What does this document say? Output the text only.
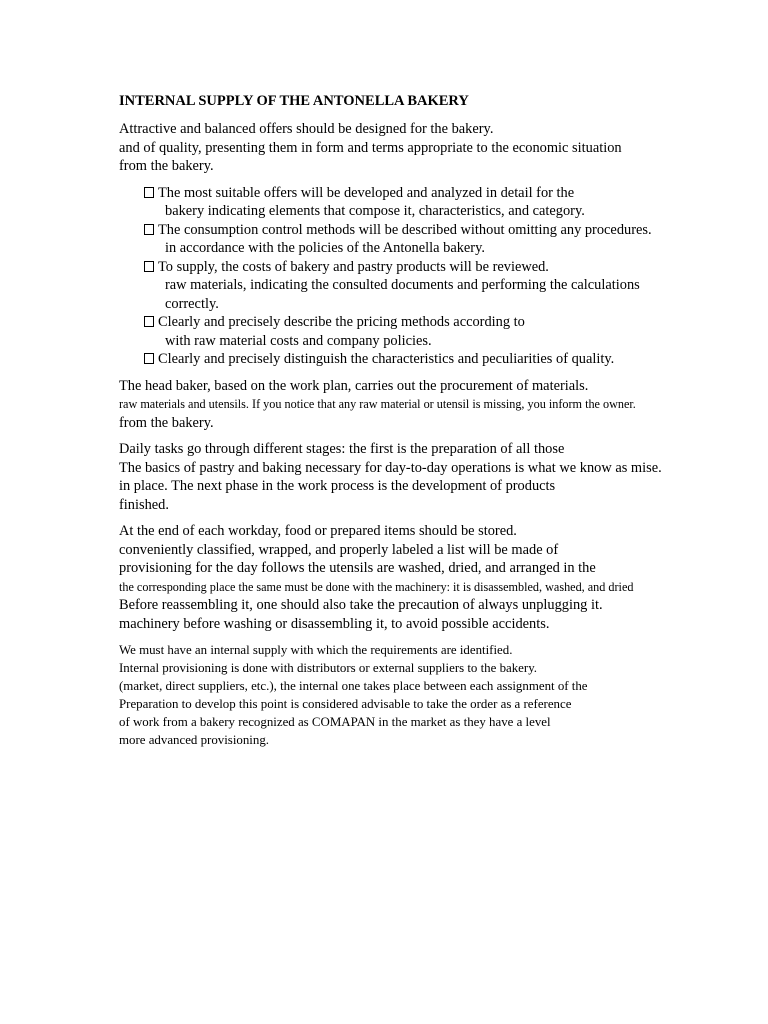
INTERNAL SUPPLY OF THE ANTONELLA BAKERY
Attractive and balanced offers should be designed for the bakery.
and of quality, presenting them in form and terms appropriate to the economic situation
from the bakery.
The most suitable offers will be developed and analyzed in detail for the
bakery indicating elements that compose it, characteristics, and category.
The consumption control methods will be described without omitting any procedures.
in accordance with the policies of the Antonella bakery.
To supply, the costs of bakery and pastry products will be reviewed.
raw materials, indicating the consulted documents and performing the calculations
correctly.
Clearly and precisely describe the pricing methods according to
with raw material costs and company policies.
Clearly and precisely distinguish the characteristics and peculiarities of quality.
The head baker, based on the work plan, carries out the procurement of materials.
raw materials and utensils. If you notice that any raw material or utensil is missing, you inform the owner.
from the bakery.
Daily tasks go through different stages: the first is the preparation of all those
The basics of pastry and baking necessary for day-to-day operations is what we know as mise.
in place. The next phase in the work process is the development of products
finished.
At the end of each workday, food or prepared items should be stored.
conveniently classified, wrapped, and properly labeled a list will be made of
provisioning for the day follows the utensils are washed, dried, and arranged in the
the corresponding place the same must be done with the machinery: it is disassembled, washed, and dried
Before reassembling it, one should also take the precaution of always unplugging it.
machinery before washing or disassembling it, to avoid possible accidents.
We must have an internal supply with which the requirements are identified.
Internal provisioning is done with distributors or external suppliers to the bakery.
(market, direct suppliers, etc.), the internal one takes place between each assignment of the
Preparation to develop this point is considered advisable to take the order as a reference
of work from a bakery recognized as COMAPAN in the market as they have a level
more advanced provisioning.
